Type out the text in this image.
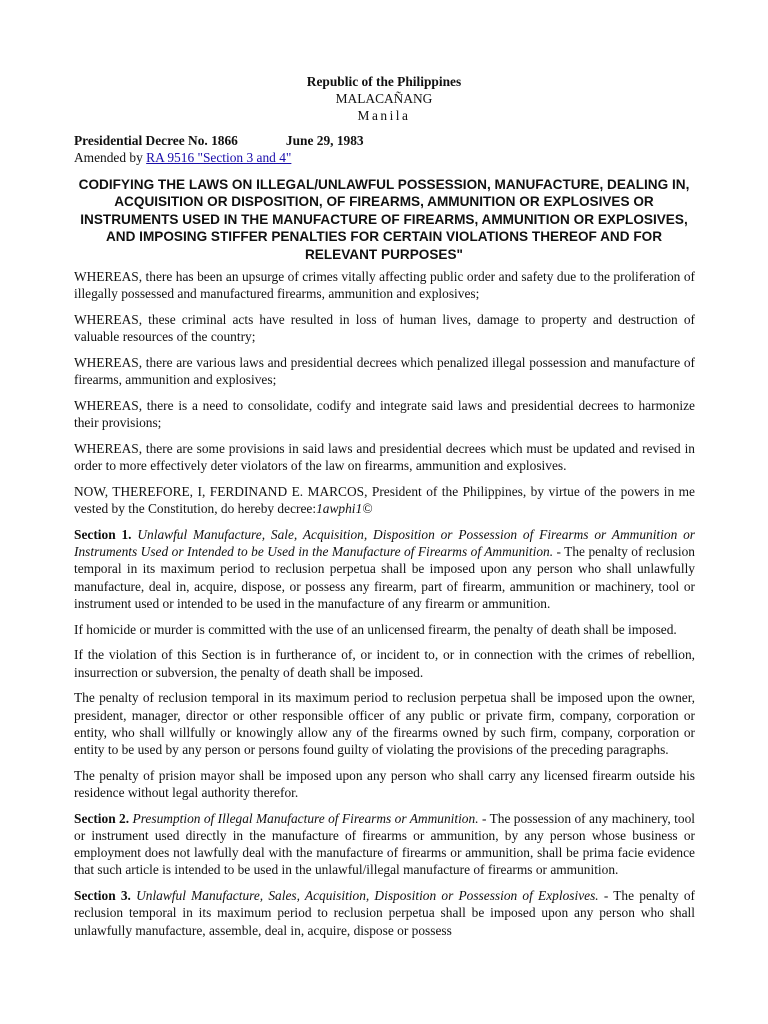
Republic of the Philippines
MALACAÑANG
Manila
Presidential Decree No. 1866	June 29, 1983
Amended by RA 9516 "Section 3 and 4"
CODIFYING THE LAWS ON ILLEGAL/UNLAWFUL POSSESSION, MANUFACTURE, DEALING IN, ACQUISITION OR DISPOSITION, OF FIREARMS, AMMUNITION OR EXPLOSIVES OR INSTRUMENTS USED IN THE MANUFACTURE OF FIREARMS, AMMUNITION OR EXPLOSIVES, AND IMPOSING STIFFER PENALTIES FOR CERTAIN VIOLATIONS THEREOF AND FOR RELEVANT PURPOSES"

WHEREAS, there has been an upsurge of crimes vitally affecting public order and safety due to the proliferation of illegally possessed and manufactured firearms, ammunition and explosives;

WHEREAS, these criminal acts have resulted in loss of human lives, damage to property and destruction of valuable resources of the country;

WHEREAS, there are various laws and presidential decrees which penalized illegal possession and manufacture of firearms, ammunition and explosives;

WHEREAS, there is a need to consolidate, codify and integrate said laws and presidential decrees to harmonize their provisions;

WHEREAS, there are some provisions in said laws and presidential decrees which must be updated and revised in order to more effectively deter violators of the law on firearms, ammunition and explosives.

NOW, THEREFORE, I, FERDINAND E. MARCOS, President of the Philippines, by virtue of the powers in me vested by the Constitution, do hereby decree:1awphi1©

Section 1. Unlawful Manufacture, Sale, Acquisition, Disposition or Possession of Firearms or Ammunition or Instruments Used or Intended to be Used in the Manufacture of Firearms of Ammunition. - The penalty of reclusion temporal in its maximum period to reclusion perpetua shall be imposed upon any person who shall unlawfully manufacture, deal in, acquire, dispose, or possess any firearm, part of firearm, ammunition or machinery, tool or instrument used or intended to be used in the manufacture of any firearm or ammunition.

If homicide or murder is committed with the use of an unlicensed firearm, the penalty of death shall be imposed.

If the violation of this Section is in furtherance of, or incident to, or in connection with the crimes of rebellion, insurrection or subversion, the penalty of death shall be imposed.

The penalty of reclusion temporal in its maximum period to reclusion perpetua shall be imposed upon the owner, president, manager, director or other responsible officer of any public or private firm, company, corporation or entity, who shall willfully or knowingly allow any of the firearms owned by such firm, company, corporation or entity to be used by any person or persons found guilty of violating the provisions of the preceding paragraphs.

The penalty of prision mayor shall be imposed upon any person who shall carry any licensed firearm outside his residence without legal authority therefor.

Section 2. Presumption of Illegal Manufacture of Firearms or Ammunition. - The possession of any machinery, tool or instrument used directly in the manufacture of firearms or ammunition, by any person whose business or employment does not lawfully deal with the manufacture of firearms or ammunition, shall be prima facie evidence that such article is intended to be used in the unlawful/illegal manufacture of firearms or ammunition.

Section 3. Unlawful Manufacture, Sales, Acquisition, Disposition or Possession of Explosives. - The penalty of reclusion temporal in its maximum period to reclusion perpetua shall be imposed upon any person who shall unlawfully manufacture, assemble, deal in, acquire, dispose or possess
